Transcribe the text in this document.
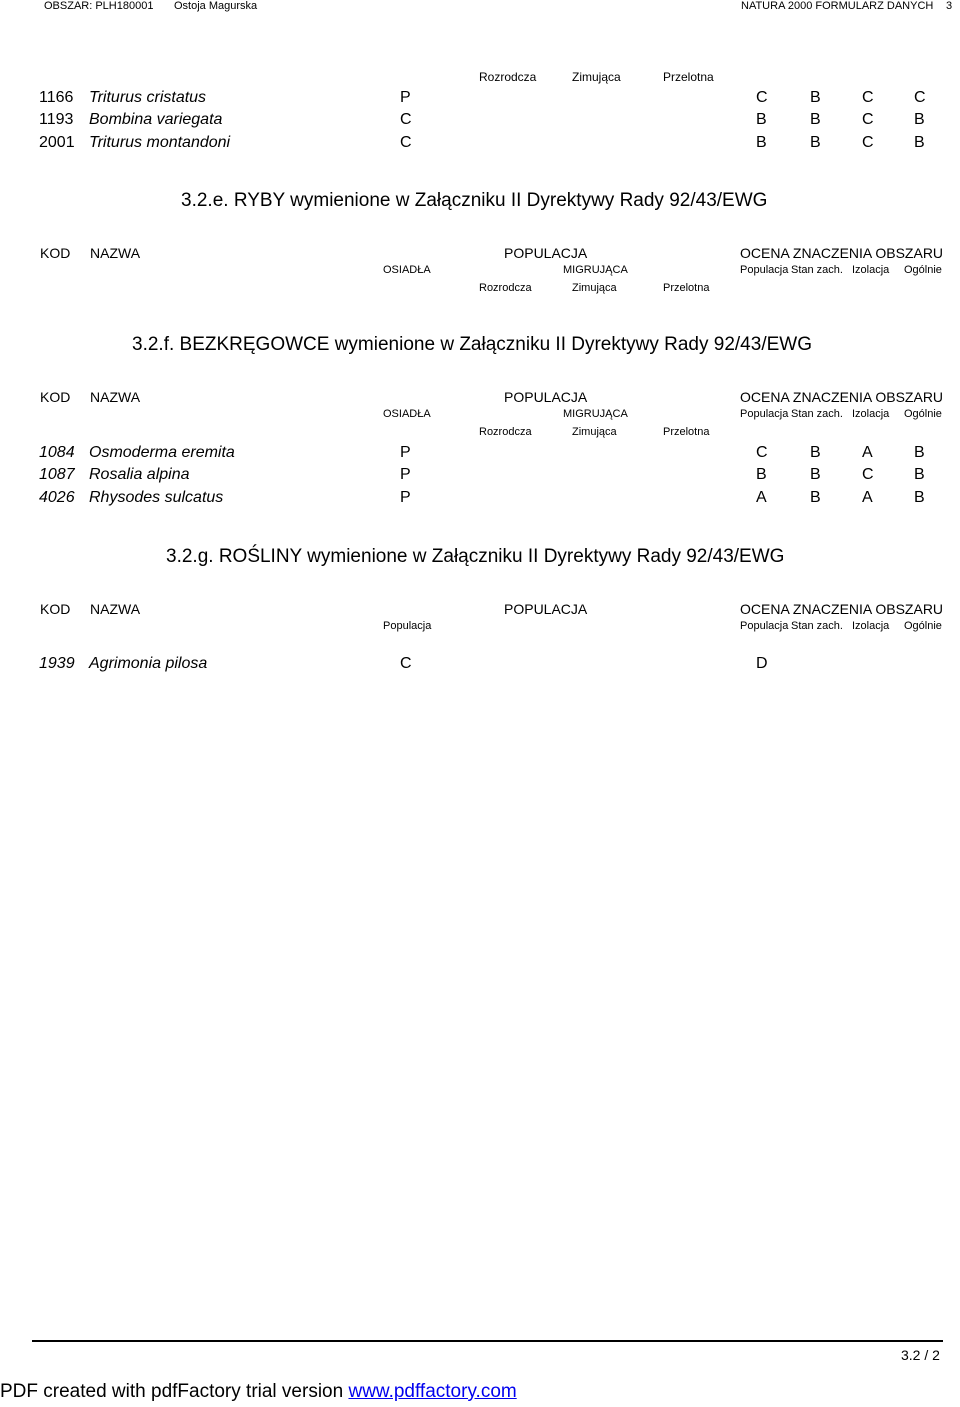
OBSZAR: PLH180001 Ostoja Magurska	NATURA 2000 FORMULARZ DANYCH 3
Rozrodcza	Zimująca	Przelotna
1166 Triturus cristatus	P	C	B	C	C
1193 Bombina variegata	C	B	B	C	B
2001 Triturus montandoni	C	B	B	C	B
3.2.e. RYBY wymienione w Załączniku II Dyrektywy Rady 92/43/EWG
KOD NAZWA	POPULACJA	OCENA ZNACZENIA OBSZARU
OSIADŁA	MIGRUJĄCA	Populacja Stan zach. Izolacja Ogólnie
Rozrodcza	Zimująca	Przelotna
3.2.f. BEZKRĘGOWCE wymienione w Załączniku II Dyrektywy Rady 92/43/EWG
KOD NAZWA	POPULACJA	OCENA ZNACZENIA OBSZARU
OSIADŁA	MIGRUJĄCA	Populacja Stan zach. Izolacja Ogólnie
Rozrodcza	Zimująca	Przelotna
1084 Osmoderma eremita	P	C	B	A	B
1087 Rosalia alpina	P	B	B	C	B
4026 Rhysodes sulcatus	P	A	B	A	B
3.2.g. ROŚLINY wymienione w Załączniku II Dyrektywy Rady 92/43/EWG
KOD NAZWA	POPULACJA	OCENA ZNACZENIA OBSZARU
Populacja	Populacja Stan zach. Izolacja Ogólnie
1939 Agrimonia pilosa	C	D
3.2 / 2
PDF created with pdfFactory trial version www.pdffactory.com
